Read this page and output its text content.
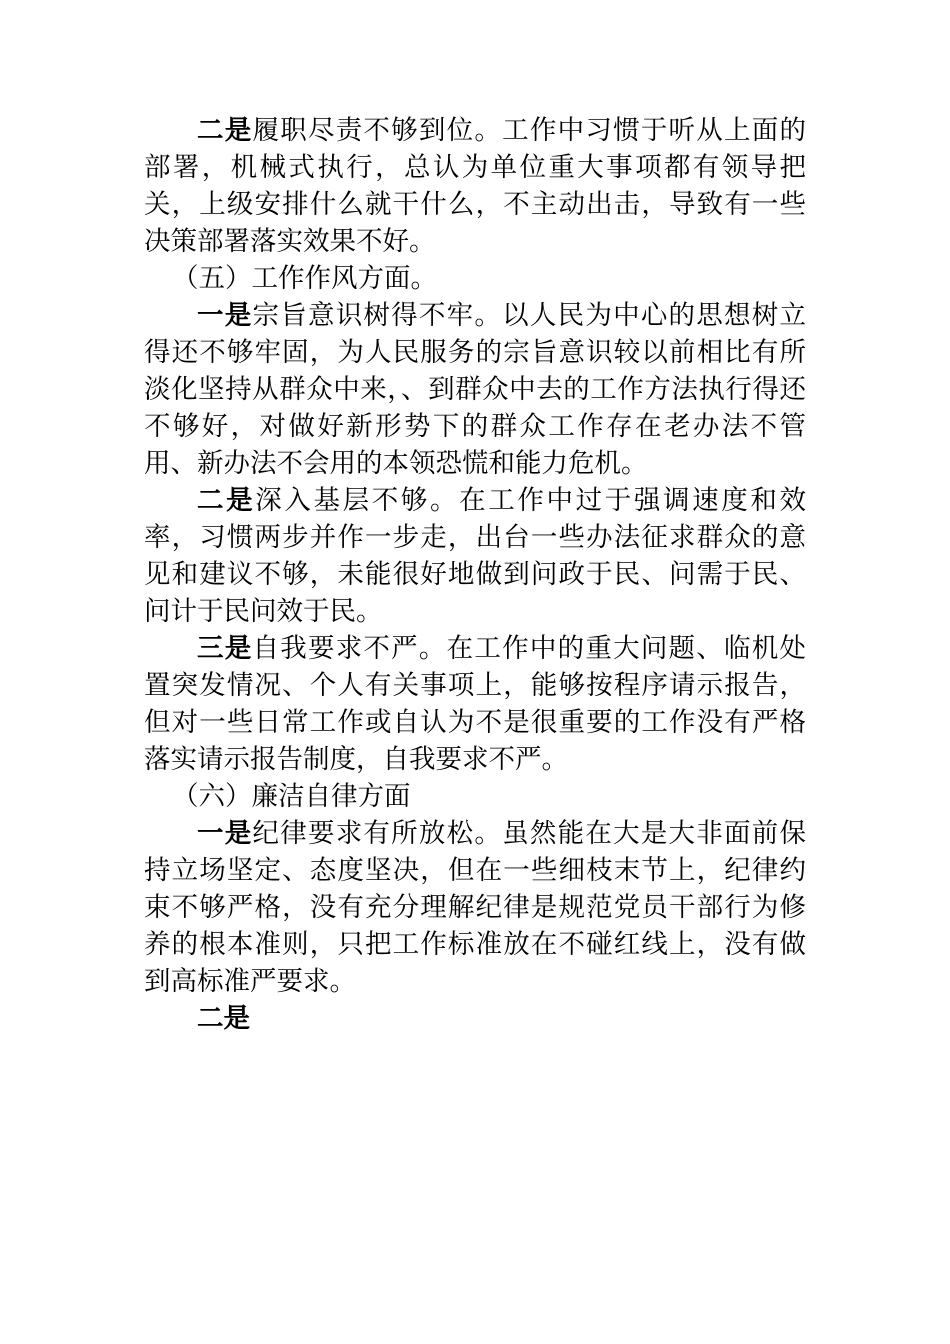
二是履职尽责不够到位。工作中习惯于听从上面的部署，机械式执行，总认为单位重大事项都有领导把关，上级安排什么就干什么，不主动出击，导致有一些决策部署落实效果不好。

（五）工作作风方面。

一是宗旨意识树得不牢。以人民为中心的思想树立得还不够牢固，为人民服务的宗旨意识较以前相比有所淡化坚持从群众中来，、到群众中去的工作方法执行得还不够好，对做好新形势下的群众工作存在老办法不管用、新办法不会用的本领恐慌和能力危机。

二是深入基层不够。在工作中过于强调速度和效率，习惯两步并作一步走，出台一些办法征求群众的意见和建议不够，未能很好地做到问政于民、问需于民、问计于民问效于民。

三是自我要求不严。在工作中的重大问题、临机处置突发情况、个人有关事项上，能够按程序请示报告，但对一些日常工作或自认为不是很重要的工作没有严格落实请示报告制度，自我要求不严。

（六）廉洁自律方面

一是纪律要求有所放松。虽然能在大是大非面前保持立场坚定、态度坚决，但在一些细枝末节上，纪律约束不够严格，没有充分理解纪律是规范党员干部行为修养的根本准则，只把工作标准放在不碰红线上，没有做到高标准严要求。

二是
